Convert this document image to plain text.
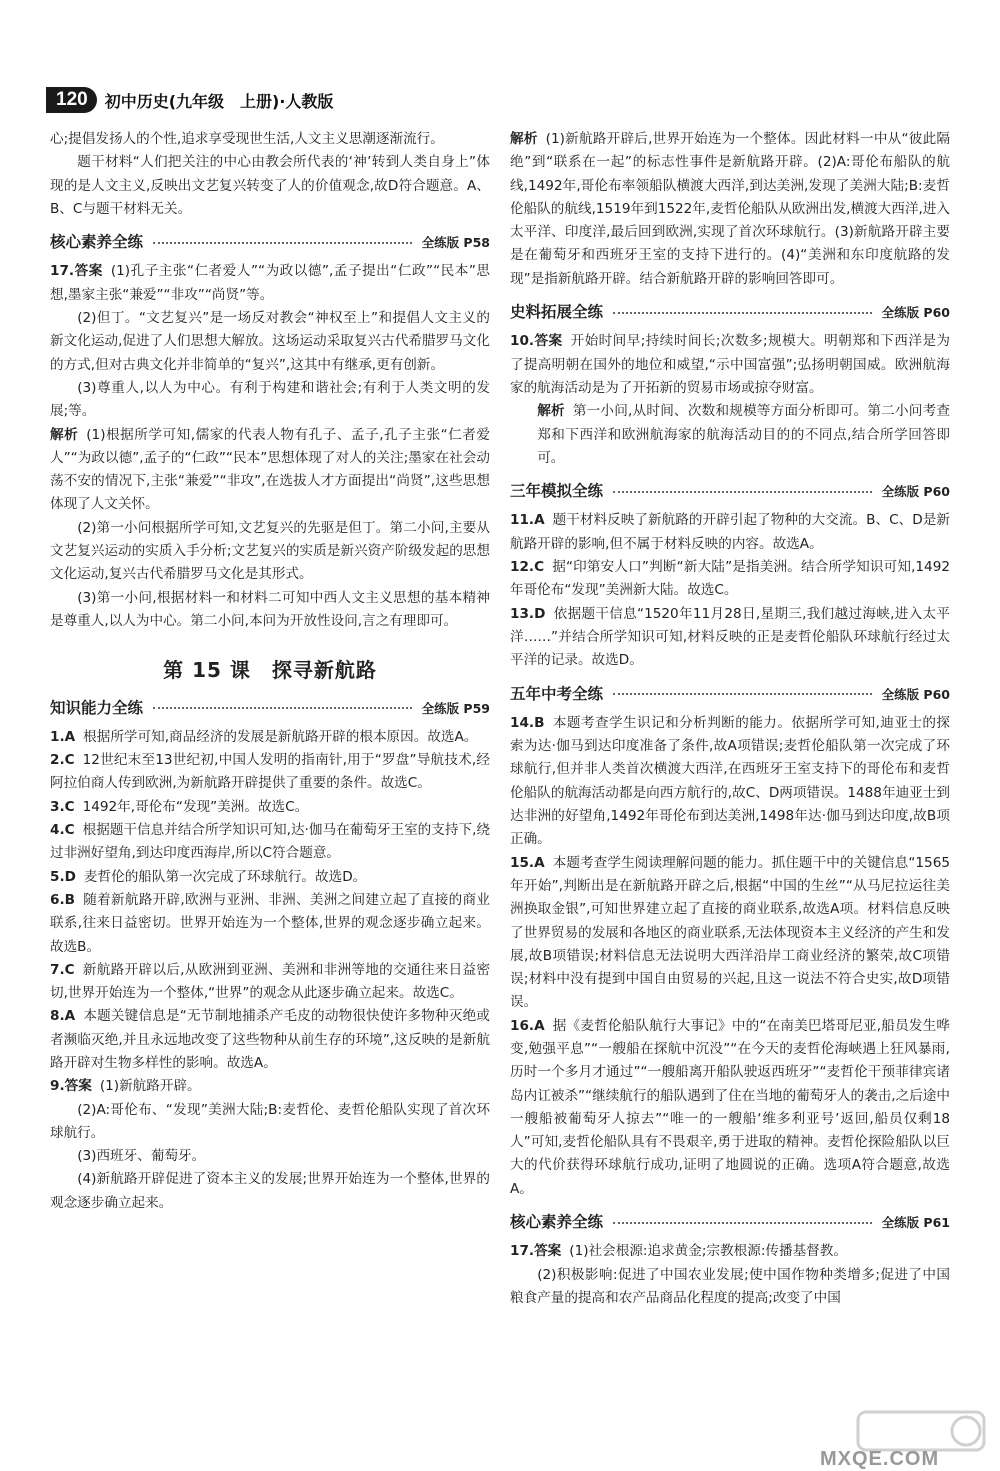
120	初中历史(九年级　上册)·人教版

心;提倡发扬人的个性,追求享受现世生活,人文主义思潮逐渐流行。

题干材料“人们把关注的中心由教会所代表的‘神’转到人类自身上”体现的是人文主义,反映出文艺复兴转变了人的价值观念,故D符合题意。A、B、C与题干材料无关。

核心素养全练	全练版 P58

17.答案 (1)孔子主张“仁者爱人”“为政以德”,孟子提出“仁政”“民本”思想,墨家主张“兼爱”“非攻”“尚贤”等。

(2)但丁。“文艺复兴”是一场反对教会“神权至上”和提倡人文主义的新文化运动,促进了人们思想大解放。这场运动采取复兴古代希腊罗马文化的方式,但对古典文化并非简单的“复兴”,这其中有继承,更有创新。

(3)尊重人,以人为中心。有利于构建和谐社会;有利于人类文明的发展;等。

解析 (1)根据所学可知,儒家的代表人物有孔子、孟子,孔子主张“仁者爱人”“为政以德”,孟子的“仁政”“民本”思想体现了对人的关注;墨家在社会动荡不安的情况下,主张“兼爱”“非攻”,在选拔人才方面提出“尚贤”,这些思想体现了人文关怀。

(2)第一小问根据所学可知,文艺复兴的先驱是但丁。第二小问,主要从文艺复兴运动的实质入手分析;文艺复兴的实质是新兴资产阶级发起的思想文化运动,复兴古代希腊罗马文化是其形式。

(3)第一小问,根据材料一和材料二可知中西人文主义思想的基本精神是尊重人,以人为中心。第二小问,本问为开放性设问,言之有理即可。

第 15 课　探寻新航路
知识能力全练	全练版 P59

1.A 根据所学可知,商品经济的发展是新航路开辟的根本原因。故选A。

2.C 12世纪末至13世纪初,中国人发明的指南针,用于“罗盘”导航技术,经阿拉伯商人传到欧洲,为新航路开辟提供了重要的条件。故选C。

3.C 1492年,哥伦布“发现”美洲。故选C。

4.C 根据题干信息并结合所学知识可知,达·伽马在葡萄牙王室的支持下,绕过非洲好望角,到达印度西海岸,所以C符合题意。

5.D 麦哲伦的船队第一次完成了环球航行。故选D。

6.B 随着新航路开辟,欧洲与亚洲、非洲、美洲之间建立起了直接的商业联系,往来日益密切。世界开始连为一个整体,世界的观念逐步确立起来。故选B。

7.C 新航路开辟以后,从欧洲到亚洲、美洲和非洲等地的交通往来日益密切,世界开始连为一个整体,“世界”的观念从此逐步确立起来。故选C。

8.A 本题关键信息是“无节制地捕杀产毛皮的动物很快使许多物种灭绝或者濒临灭绝,并且永远地改变了这些物种从前生存的环境”,这反映的是新航路开辟对生物多样性的影响。故选A。

9.答案 (1)新航路开辟。

(2)A:哥伦布、“发现”美洲大陆;B:麦哲伦、麦哲伦船队实现了首次环球航行。

(3)西班牙、葡萄牙。

(4)新航路开辟促进了资本主义的发展;世界开始连为一个整体,世界的观念逐步确立起来。

解析 (1)新航路开辟后,世界开始连为一个整体。因此材料一中从“彼此隔绝”到“联系在一起”的标志性事件是新航路开辟。(2)A:哥伦布船队的航线,1492年,哥伦布率领船队横渡大西洋,到达美洲,发现了美洲大陆;B:麦哲伦船队的航线,1519年到1522年,麦哲伦船队从欧洲出发,横渡大西洋,进入太平洋、印度洋,最后回到欧洲,实现了首次环球航行。(3)新航路开辟主要是在葡萄牙和西班牙王室的支持下进行的。(4)“美洲和东印度航路的发现”是指新航路开辟。结合新航路开辟的影响回答即可。

史料拓展全练	全练版 P60

10.答案 开始时间早;持续时间长;次数多;规模大。明朝郑和下西洋是为了提高明朝在国外的地位和威望,“示中国富强”;弘扬明朝国威。欧洲航海家的航海活动是为了开拓新的贸易市场或掠夺财富。

解析 第一小问,从时间、次数和规模等方面分析即可。第二小问考查郑和下西洋和欧洲航海家的航海活动目的的不同点,结合所学回答即可。

三年模拟全练	全练版 P60

11.A 题干材料反映了新航路的开辟引起了物种的大交流。B、C、D是新航路开辟的影响,但不属于材料反映的内容。故选A。

12.C 据“印第安人口”判断“新大陆”是指美洲。结合所学知识可知,1492年哥伦布“发现”美洲新大陆。故选C。

13.D 依据题干信息“1520年11月28日,星期三,我们越过海峡,进入太平洋……”并结合所学知识可知,材料反映的正是麦哲伦船队环球航行经过太平洋的记录。故选D。

五年中考全练	全练版 P60

14.B 本题考查学生识记和分析判断的能力。依据所学可知,迪亚士的探索为达·伽马到达印度准备了条件,故A项错误;麦哲伦船队第一次完成了环球航行,但并非人类首次横渡大西洋,在西班牙王室支持下的哥伦布和麦哲伦船队的航海活动都是向西方航行的,故C、D两项错误。1488年迪亚士到达非洲的好望角,1492年哥伦布到达美洲,1498年达·伽马到达印度,故B项正确。

15.A 本题考查学生阅读理解问题的能力。抓住题干中的关键信息“1565年开始”,判断出是在新航路开辟之后,根据“中国的生丝”“从马尼拉运往美洲换取金银”,可知世界建立起了直接的商业联系,故选A项。材料信息反映了世界贸易的发展和各地区的商业联系,无法体现资本主义经济的产生和发展,故B项错误;材料信息无法说明大西洋沿岸工商业经济的繁荣,故C项错误;材料中没有提到中国自由贸易的兴起,且这一说法不符合史实,故D项错误。

16.A 据《麦哲伦船队航行大事记》中的“在南美巴塔哥尼亚,船员发生哗变,勉强平息”“一艘船在探航中沉没”“在今天的麦哲伦海峡遇上狂风暴雨,历时一个多月才通过”“一艘船离开船队驶返西班牙”“麦哲伦干预菲律宾诸岛内讧被杀”“继续航行的船队遇到了住在当地的葡萄牙人的袭击,之后途中一艘船被葡萄牙人掠去”“唯一的一艘船‘维多利亚号’返回,船员仅剩18人”可知,麦哲伦船队具有不畏艰辛,勇于进取的精神。麦哲伦探险船队以巨大的代价获得环球航行成功,证明了地圆说的正确。选项A符合题意,故选A。

核心素养全练	全练版 P61

17.答案 (1)社会根源:追求黄金;宗教根源:传播基督教。

(2)积极影响:促进了中国农业发展;使中国作物种类增多;促进了中国粮食产量的提高和农产品商品化程度的提高;改变了中国

MXQE.COM
